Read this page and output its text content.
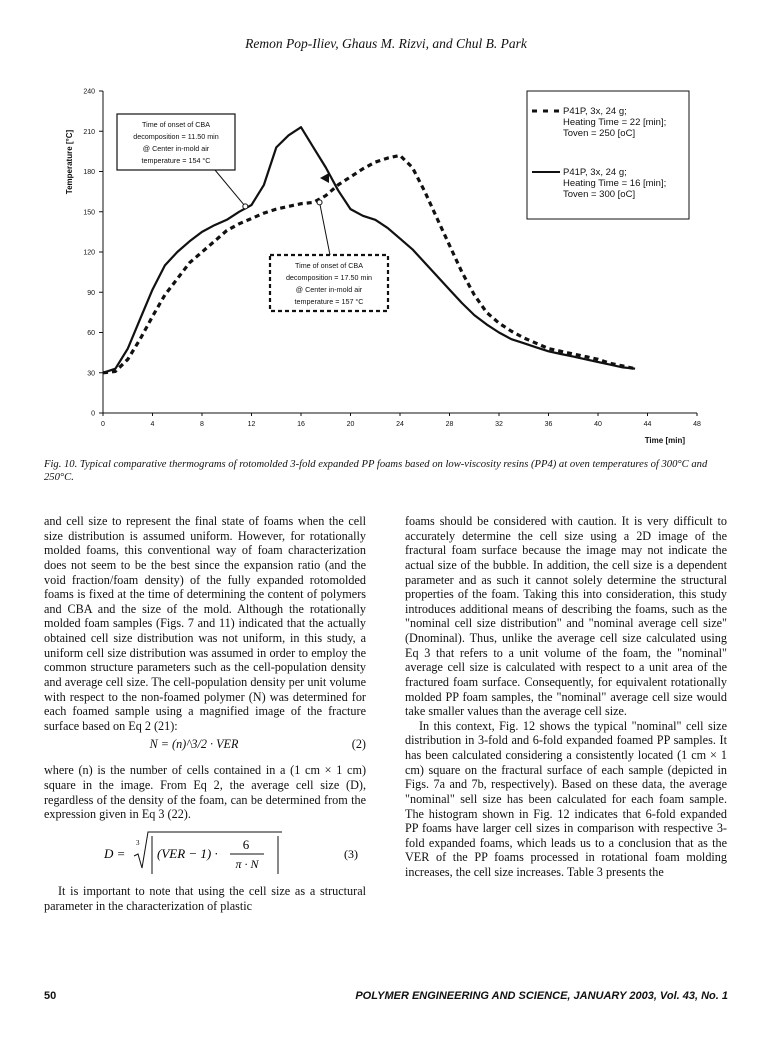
Remon Pop-Iliev, Ghaus M. Rizvi, and Chul B. Park
0
30
60
90
120
150
180
210
240
0	4	8	12	16	20	24	28	32	36	40	44	48
Temperature [°C]
Time [min]
Time of onset of CBA
decomposition = 11.50 min
@ Center in-mold air
temperature = 154 °C
Time of onset of CBA
decomposition = 17.50 min
@ Center in-mold air
temperature = 157 °C
P41P, 3x, 24 g; Heating Time = 22 [min]; Toven = 250 [oC]
P41P, 3x, 24 g; Heating Time = 16 [min]; Toven = 300 [oC]
Fig. 10. Typical comparative thermograms of rotomolded 3-fold expanded PP foams based on low-viscosity resins (PP4) at oven temperatures of 300°C and 250°C.

and cell size to represent the final state of foams when the cell size distribution is assumed uniform. However, for rotationally molded foams, this conventional way of foam characterization does not seem to be the best since the expansion ratio (and the void fraction/foam density) of the fully expanded rotomolded foams is fixed at the time of determining the content of polymers and CBA and the size of the mold. Although the rotationally molded foam samples (Figs. 7 and 11) indicated that the actually obtained cell size distribution was not uniform, in this study, a uniform cell size distribution was assumed in order to employ the common structure parameters such as the cell-population density and average cell size. The cell-population density per unit volume with respect to the non-foamed polymer (N) was determined for each foamed sample using a magnified image of the fracture surface based on Eq 2 (21):

N = (n)^3/2 · VER	(2)

where (n) is the number of cells contained in a (1 cm × 1 cm) square in the image. From Eq 2, the average cell size (D), regardless of the density of the foam, can be determined from the expression given in Eq 3 (22).

D =
3
(VER − 1) ·
6
π · N
(3)

It is important to note that using the cell size as a structural parameter in the characterization of plastic

foams should be considered with caution. It is very difficult to accurately determine the cell size using a 2D image of the fractural foam surface because the image may not indicate the actual size of the bubble. In addition, the cell size is a dependent parameter and as such it cannot solely determine the structural properties of the foam. Taking this into consideration, this study introduces additional means of describing the foams, such as the "nominal cell size distribution" and "nominal average cell size" (Dnominal). Thus, unlike the average cell size calculated using Eq 3 that refers to a unit volume of the foam, the "nominal" average cell size is calculated with respect to a unit area of the fractured foam surface. Consequently, for equivalent rotationally molded PP foam samples, the "nominal" average cell size would take smaller values than the average cell size.

In this context, Fig. 12 shows the typical "nominal" cell size distribution in 3-fold and 6-fold expanded foamed PP samples. It has been calculated considering a consistently located (1 cm × 1 cm) square on the fractural surface of each sample (depicted in Figs. 7a and 7b, respectively). Based on these data, the average "nominal" sell size has been calculated for each foam sample. The histogram shown in Fig. 12 indicates that 6-fold expanded PP foams have larger cell sizes in comparison with respective 3-fold expanded foams, which leads us to a conclusion that as the VER of the PP foams processed in rotational foam molding increases, the cell size increases. Table 3 presents the

50	POLYMER ENGINEERING AND SCIENCE, JANUARY 2003, Vol. 43, No. 1
